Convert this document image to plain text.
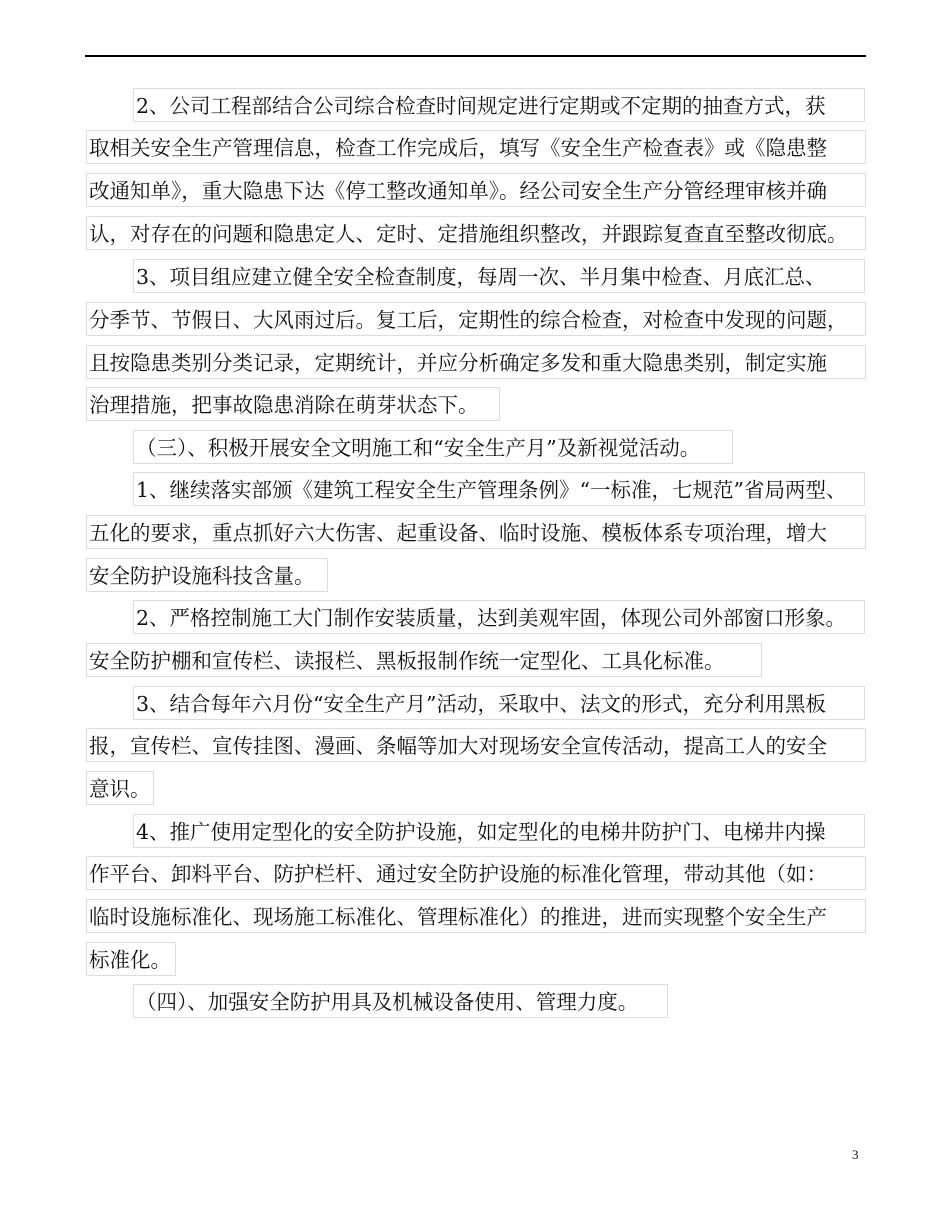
2、公司工程部结合公司综合检查时间规定进行定期或不定期的抽查方式，获
取相关安全生产管理信息，检查工作完成后，填写《安全生产检查表》或《隐患整
改通知单》，重大隐患下达《停工整改通知单》。经公司安全生产分管经理审核并确
认，对存在的问题和隐患定人、定时、定措施组织整改，并跟踪复查直至整改彻底。
3、项目组应建立健全安全检查制度，每周一次、半月集中检查、月底汇总、
分季节、节假日、大风雨过后。复工后，定期性的综合检查，对检查中发现的问题，
且按隐患类别分类记录，定期统计，并应分析确定多发和重大隐患类别，制定实施
治理措施，把事故隐患消除在萌芽状态下。
（三）、积极开展安全文明施工和“安全生产月”及新视觉活动。
1、继续落实部颁《建筑工程安全生产管理条例》“一标准，七规范”省局两型、
五化的要求，重点抓好六大伤害、起重设备、临时设施、模板体系专项治理，增大
安全防护设施科技含量。
2、严格控制施工大门制作安装质量，达到美观牢固，体现公司外部窗口形象。
安全防护棚和宣传栏、读报栏、黑板报制作统一定型化、工具化标准。
3、结合每年六月份“安全生产月”活动，采取中、法文的形式，充分利用黑板
报，宣传栏、宣传挂图、漫画、条幅等加大对现场安全宣传活动，提高工人的安全
意识。
4、推广使用定型化的安全防护设施，如定型化的电梯井防护门、电梯井内操
作平台、卸料平台、防护栏杆、通过安全防护设施的标准化管理，带动其他（如：
临时设施标准化、现场施工标准化、管理标准化）的推进，进而实现整个安全生产
标准化。
（四）、加强安全防护用具及机械设备使用、管理力度。
3
